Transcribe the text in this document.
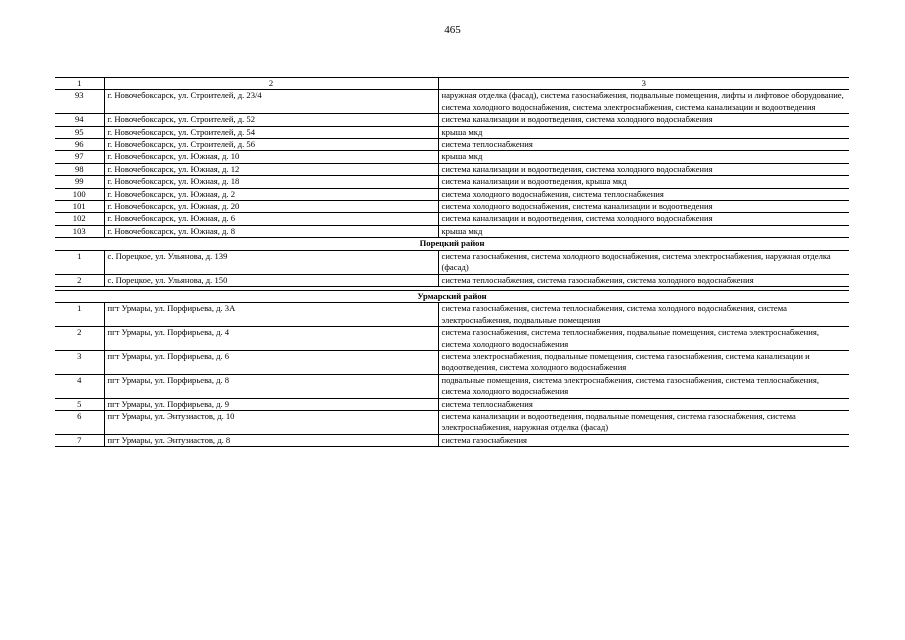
465
1	2	3
93	г. Новочебоксарск, ул. Строителей, д. 23/4	наружная отделка (фасад), система газоснабжения, подвальные помещения, лифты и лифтовое оборудование, система холодного водоснабжения, система электроснабжения, система канализации и водоотведения
94	г. Новочебоксарск, ул. Строителей, д. 52	система канализации и водоотведения, система холодного водоснабжения
95	г. Новочебоксарск, ул. Строителей, д. 54	крыша мкд
96	г. Новочебоксарск, ул. Строителей, д. 56	система теплоснабжения
97	г. Новочебоксарск, ул. Южная, д. 10	крыша мкд
98	г. Новочебоксарск, ул. Южная, д. 12	система канализации и водоотведения, система холодного водоснабжения
99	г. Новочебоксарск, ул. Южная, д. 18	система канализации и водоотведения, крыша мкд
100	г. Новочебоксарск, ул. Южная, д. 2	система холодного водоснабжения, система теплоснабжения
101	г. Новочебоксарск, ул. Южная, д. 20	система холодного водоснабжения, система канализации и водоотведения
102	г. Новочебоксарск, ул. Южная, д. 6	система канализации и водоотведения, система холодного водоснабжения
103	г. Новочебоксарск, ул. Южная, д. 8	крыша мкд
Порецкий район		
1	с. Порецкое, ул. Ульянова, д. 139	система газоснабжения, система холодного водоснабжения, система электроснабжения, наружная отделка (фасад)
2	с. Порецкое, ул. Ульянова, д. 150	система теплоснабжения, система газоснабжения, система холодного водоснабжения

Урмарский район		
1	пгт Урмары, ул. Порфирьева, д. 3А	система газоснабжения, система теплоснабжения, система холодного водоснабжения, система электроснабжения, подвальные помещения
2	пгт Урмары, ул. Порфирьева, д. 4	система газоснабжения, система теплоснабжения, подвальные помещения, система электроснабжения, система холодного водоснабжения
3	пгт Урмары, ул. Порфирьева, д. 6	система электроснабжения, подвальные помещения, система газоснабжения, система канализации и водоотведения, система холодного водоснабжения
4	пгт Урмары, ул. Порфирьева, д. 8	подвальные помещения, система электроснабжения, система газоснабжения, система теплоснабжения, система холодного водоснабжения
5	пгт Урмары, ул. Порфирьева, д. 9	система теплоснабжения
6	пгт Урмары, ул. Энтузиастов, д. 10	система канализации и водоотведения, подвальные помещения, система газоснабжения, система электроснабжения, наружная отделка (фасад)
7	пгт Урмары, ул. Энтузиастов, д. 8	система газоснабжения
